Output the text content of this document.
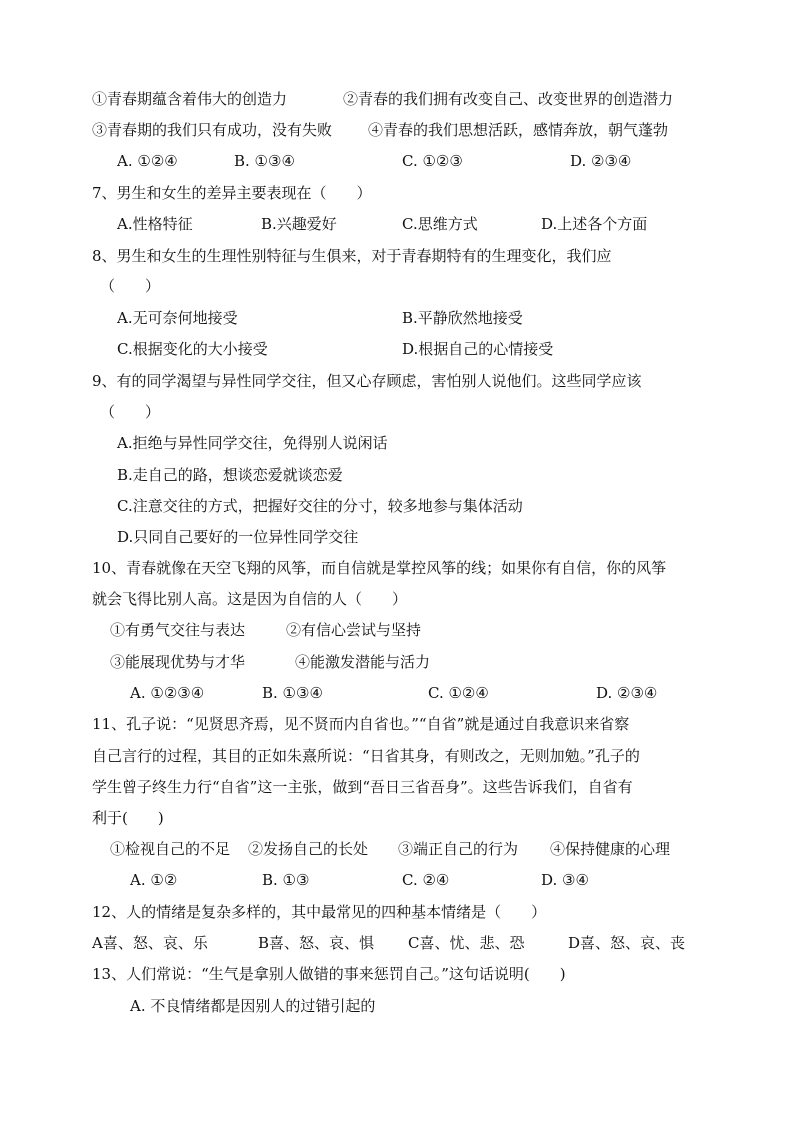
①青春期蕴含着伟大的创造力	②青春的我们拥有改变自己、改变世界的创造潜力
③青春期的我们只有成功，没有失败 ④青春的我们思想活跃，感情奔放，朝气蓬勃
A. ①②④	B. ①③④	C. ①②③	D. ②③④
7、男生和女生的差异主要表现在（　　）
A.性格特征	B.兴趣爱好	C.思维方式	D.上述各个方面
8、男生和女生的生理性别特征与生俱来，对于青春期特有的生理变化，我们应
（　　）
A.无可奈何地接受	B.平静欣然地接受
C.根据变化的大小接受	D.根据自己的心情接受
9、有的同学渴望与异性同学交往，但又心存顾虑，害怕别人说他们。这些同学应该
（　　）
A.拒绝与异性同学交往，免得别人说闲话
B.走自己的路，想谈恋爱就谈恋爱
C.注意交往的方式，把握好交往的分寸，较多地参与集体活动
D.只同自己要好的一位异性同学交往
10、青春就像在天空飞翔的风筝，而自信就是掌控风筝的线；如果你有自信，你的风筝
就会飞得比别人高。这是因为自信的人（　　）
①有勇气交往与表达	②有信心尝试与坚持
③能展现优势与才华	④能激发潜能与活力
A. ①②③④	B. ①③④	C. ①②④	D. ②③④
11、孔子说：“见贤思齐焉，见不贤而内自省也。”“自省”就是通过自我意识来省察
自己言行的过程，其目的正如朱熹所说：“日省其身，有则改之，无则加勉。”孔子的
学生曾子终生力行“自省”这一主张，做到“吾日三省吾身”。这些告诉我们，自省有
利于(　　)
①检视自己的不足 ②发扬自己的长处 ③端正自己的行为 ④保持健康的心理
A. ①②	B. ①③	C. ②④	D. ③④
12、人的情绪是复杂多样的，其中最常见的四种基本情绪是（　　）
A喜、怒、哀、乐	B喜、怒、哀、惧 C喜、忧、悲、恐	D喜、怒、哀、丧
13、人们常说：“生气是拿别人做错的事来惩罚自己。”这句话说明(　　)
A. 不良情绪都是因别人的过错引起的
